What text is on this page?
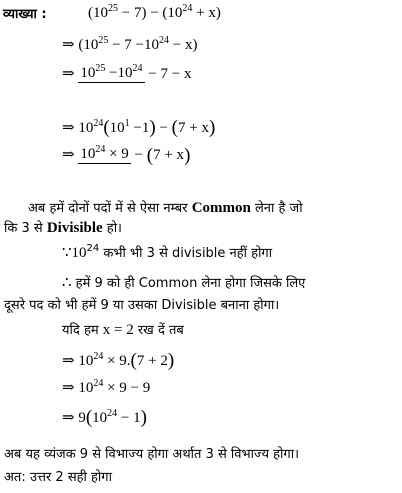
व्याख्या :	$(10^{25} - 7) - (10^{24} + x)$
⇒ $(10^{25} - 7 -10^{24} - x)$
⇒ $10^{25} -10^{24} - 7 - x$
⇒ $10^{24}(10^1 -1) - (7 + x)$
⇒ $10^{24} \times 9 - (7 + x)$
अब हमें दोनों पदों में से ऐसा नम्बर Common लेना है जो
कि 3 से Divisible हो।
$\because 10^{24}$ कभी भी 3 से divisible नहीं होगा
∴ हमें 9 को ही Common लेना होगा जिसके लिए
दूसरे पद को भी हमें 9 या उसका Divisible बनाना होगा।
यदि हम x = 2 रख दें तब
⇒ $10^{24} \times 9.(7 + 2)$
⇒ $10^{24} \times 9 - 9$
⇒ $9(10^{24} - 1)$
अब यह व्यंजक 9 से विभाज्य होगा अर्थात 3 से विभाज्य होगा।
अत: उत्तर 2 सही होगा
